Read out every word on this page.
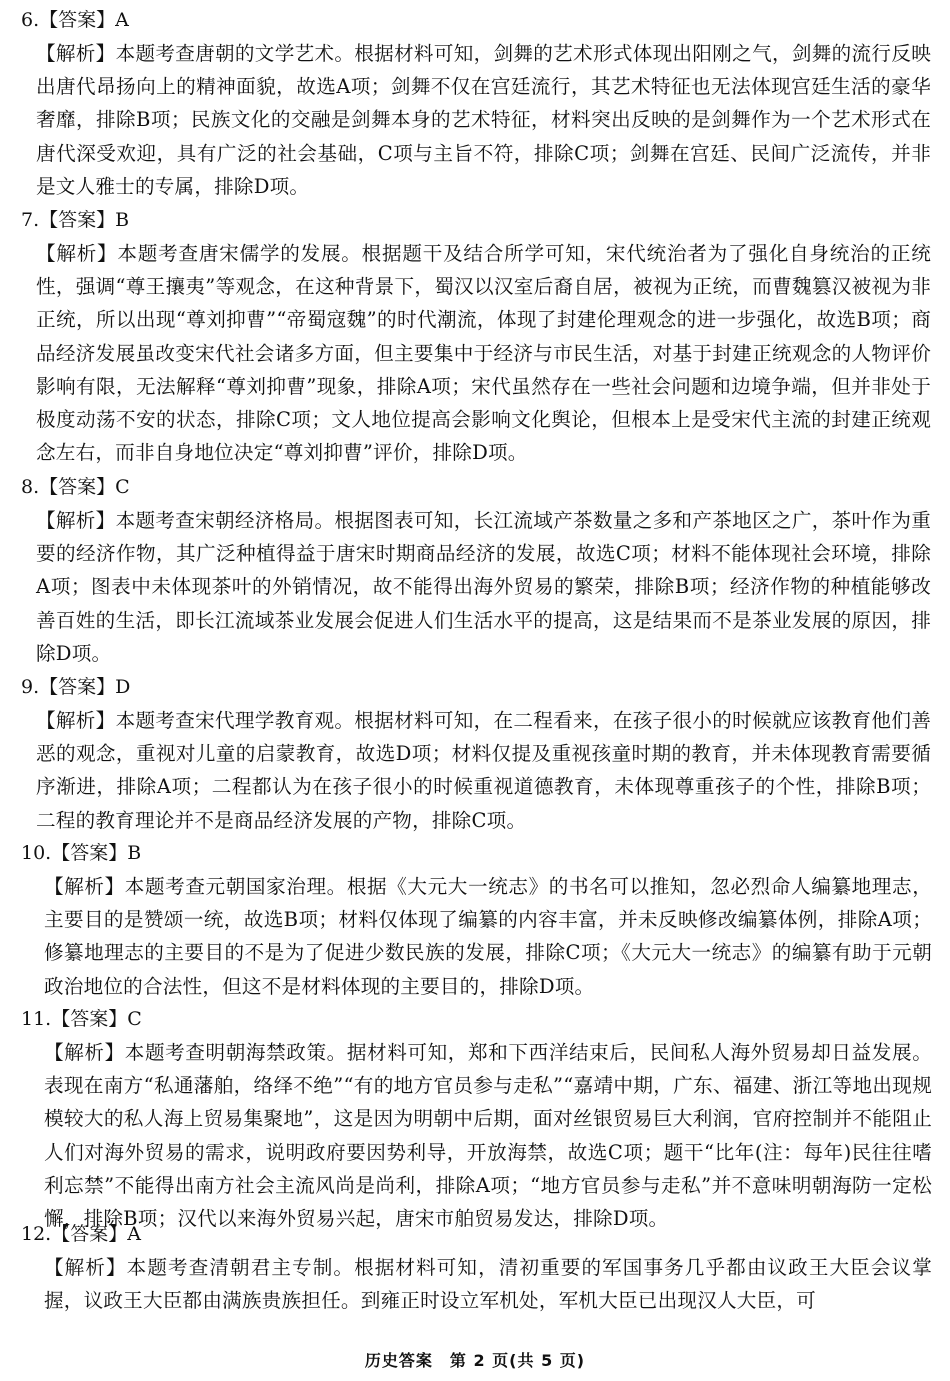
6.【答案】A
【解析】本题考查唐朝的文学艺术。根据材料可知，剑舞的艺术形式体现出阳刚之气，剑舞的流行反映出唐代昂扬向上的精神面貌，故选A项；剑舞不仅在宫廷流行，其艺术特征也无法体现宫廷生活的豪华奢靡，排除B项；民族文化的交融是剑舞本身的艺术特征，材料突出反映的是剑舞作为一个艺术形式在唐代深受欢迎，具有广泛的社会基础，C项与主旨不符，排除C项；剑舞在宫廷、民间广泛流传，并非是文人雅士的专属，排除D项。
7.【答案】B
【解析】本题考查唐宋儒学的发展。根据题干及结合所学可知，宋代统治者为了强化自身统治的正统性，强调“尊王攘夷”等观念，在这种背景下，蜀汉以汉室后裔自居，被视为正统，而曹魏篡汉被视为非正统，所以出现“尊刘抑曹”“帝蜀寇魏”的时代潮流，体现了封建伦理观念的进一步强化，故选B项；商品经济发展虽改变宋代社会诸多方面，但主要集中于经济与市民生活，对基于封建正统观念的人物评价影响有限，无法解释“尊刘抑曹”现象，排除A项；宋代虽然存在一些社会问题和边境争端，但并非处于极度动荡不安的状态，排除C项；文人地位提高会影响文化舆论，但根本上是受宋代主流的封建正统观念左右，而非自身地位决定“尊刘抑曹”评价，排除D项。
8.【答案】C
【解析】本题考查宋朝经济格局。根据图表可知，长江流域产茶数量之多和产茶地区之广，茶叶作为重要的经济作物，其广泛种植得益于唐宋时期商品经济的发展，故选C项；材料不能体现社会环境，排除A项；图表中未体现茶叶的外销情况，故不能得出海外贸易的繁荣，排除B项；经济作物的种植能够改善百姓的生活，即长江流域茶业发展会促进人们生活水平的提高，这是结果而不是茶业发展的原因，排除D项。
9.【答案】D
【解析】本题考查宋代理学教育观。根据材料可知，在二程看来，在孩子很小的时候就应该教育他们善恶的观念，重视对儿童的启蒙教育，故选D项；材料仅提及重视孩童时期的教育，并未体现教育需要循序渐进，排除A项；二程都认为在孩子很小的时候重视道德教育，未体现尊重孩子的个性，排除B项；二程的教育理论并不是商品经济发展的产物，排除C项。
10.【答案】B
【解析】本题考查元朝国家治理。根据《大元大一统志》的书名可以推知，忽必烈命人编纂地理志，主要目的是赞颂一统，故选B项；材料仅体现了编纂的内容丰富，并未反映修改编纂体例，排除A项；修纂地理志的主要目的不是为了促进少数民族的发展，排除C项；《大元大一统志》的编纂有助于元朝政治地位的合法性，但这不是材料体现的主要目的，排除D项。
11.【答案】C
【解析】本题考查明朝海禁政策。据材料可知，郑和下西洋结束后，民间私人海外贸易却日益发展。表现在南方“私通藩舶，络绎不绝”“有的地方官员参与走私”“嘉靖中期，广东、福建、浙江等地出现规模较大的私人海上贸易集聚地”，这是因为明朝中后期，面对丝银贸易巨大利润，官府控制并不能阻止人们对海外贸易的需求，说明政府要因势利导，开放海禁，故选C项；题干“比年(注：每年)民往往嗜利忘禁”不能得出南方社会主流风尚是尚利，排除A项；“地方官员参与走私”并不意味明朝海防一定松懈，排除B项；汉代以来海外贸易兴起，唐宋市舶贸易发达，排除D项。
12.【答案】A
【解析】本题考查清朝君主专制。根据材料可知，清初重要的军国事务几乎都由议政王大臣会议掌握，议政王大臣都由满族贵族担任。到雍正时设立军机处，军机大臣已出现汉人大臣，可
历史答案　第 2 页(共 5 页)
